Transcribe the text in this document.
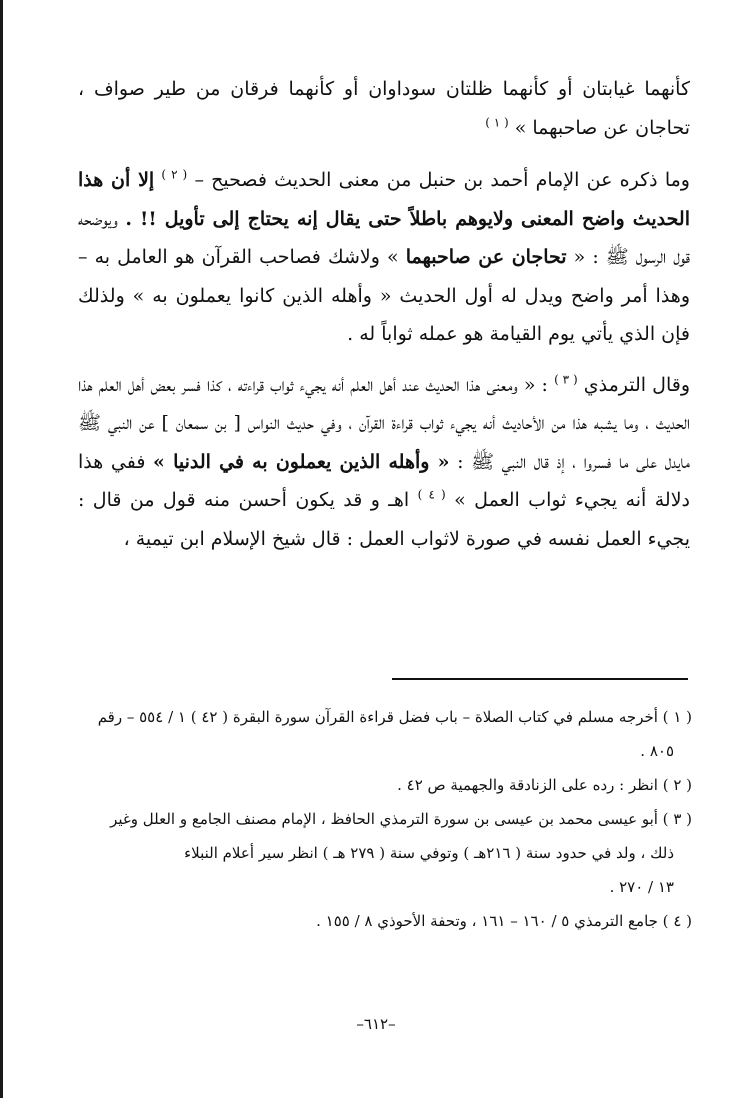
كأنهما غيابتان أو كأنهما ظلتان سوداوان أو كأنهما فرقان من طير صواف ، تحاجان عن صاحبهما » $^{( ١ )}$

وما ذكره عن الإمام أحمد بن حنبل من معنى الحديث فصحيح – $^{( ٢ )}$ إلا أن هذا الحديث واضح المعنى ولايوهم باطلاً حتى يقال إنه يحتاج إلى تأويل !! . ويوضحه قول الرسول ﷺ : « تحاجان عن صاحبهما » ولاشك فصاحب القرآن هو العامل به – وهذا أمر واضح ويدل له أول الحديث « وأهله الذين كانوا يعملون به » ولذلك فإن الذي يأتي يوم القيامة هو عمله ثواباً له .

وقال الترمذي $^{( ٣ )}$ : « ومعنى هذا الحديث عند أهل العلم أنه يجيء ثواب قراءته ، كذا فسر بعض أهل العلم هذا الحديث ، وما يشبه هذا من الأحاديث أنه يجيء ثواب قراءة القرآن ، وفي حديث النواس [ بن سمعان ] عن النبي ﷺ مايدل على ما فسروا ، إذ قال النبي ﷺ : « وأهله الذين يعملون به في الدنيا » ففي هذا دلالة أنه يجيء ثواب العمل » $^{( ٤ )}$ اهـ و قد يكون أحسن منه قول من قال : يجيء العمل نفسه في صورة لاثواب العمل : قال شيخ الإسلام ابن تيمية ،

( ١ ) أخرجه مسلم في كتاب الصلاة – باب فضل قراءة القرآن سورة البقرة ( ٤٢ ) ١ / ٥٥٤ – رقم

٨٠٥ .

( ٢ ) انظر : رده على الزنادقة والجهمية ص ٤٢ .

( ٣ ) أبو عيسى محمد بن عيسى بن سورة الترمذي الحافظ ، الإمام مصنف الجامع و العلل وغير

ذلك ، ولد في حدود سنة ( ٢١٦هـ ) وتوفي سنة ( ٢٧٩ هـ ) انظر سير أعلام النبلاء

١٣ / ٢٧٠ .

( ٤ ) جامع الترمذي ٥ / ١٦٠ – ١٦١ ، وتحفة الأحوذي ٨ / ١٥٥ .

–٦١٢–
